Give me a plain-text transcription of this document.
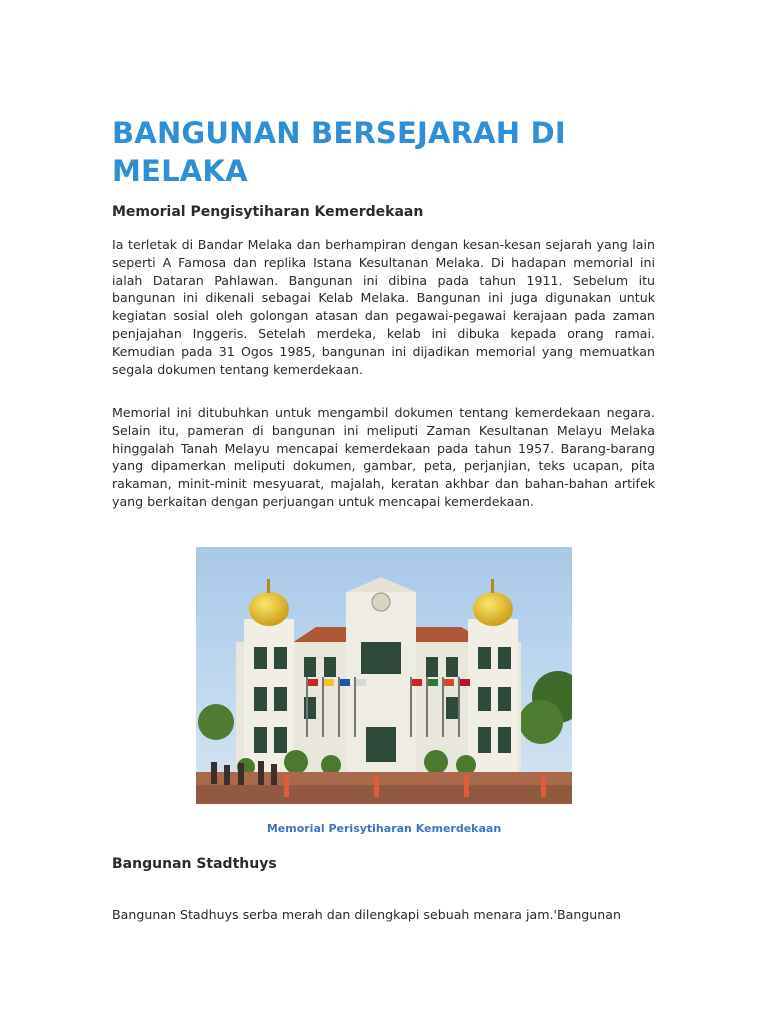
BANGUNAN BERSEJARAH DI MELAKA
Memorial Pengisytiharan Kemerdekaan

Ia terletak di Bandar Melaka dan berhampiran dengan kesan-kesan sejarah yang lain seperti A Famosa dan replika Istana Kesultanan Melaka. Di hadapan memorial ini ialah Dataran Pahlawan. Bangunan ini dibina pada tahun 1911. Sebelum itu bangunan ini dikenali sebagai Kelab Melaka. Bangunan ini juga digunakan untuk kegiatan sosial oleh golongan atasan dan pegawai-pegawai kerajaan pada zaman penjajahan Inggeris. Setelah merdeka, kelab ini dibuka kepada orang ramai. Kemudian pada 31 Ogos 1985, bangunan ini dijadikan memorial yang memuatkan segala dokumen tentang kemerdekaan.

Memorial ini ditubuhkan untuk mengambil dokumen tentang kemerdekaan negara. Selain itu, pameran di bangunan ini meliputi Zaman Kesultanan Melayu Melaka hinggalah Tanah Melayu mencapai kemerdekaan pada tahun 1957. Barang-barang yang dipamerkan meliputi dokumen, gambar, peta, perjanjian, teks ucapan, pita rakaman, minit-minit mesyuarat, majalah, keratan akhbar dan bahan-bahan artifek yang berkaitan dengan perjuangan untuk mencapai kemerdekaan.

Memorial Perisytiharan Kemerdekaan

Bangunan Stadthuys

Bangunan Stadhuys serba merah dan dilengkapi sebuah menara jam.'Bangunan
